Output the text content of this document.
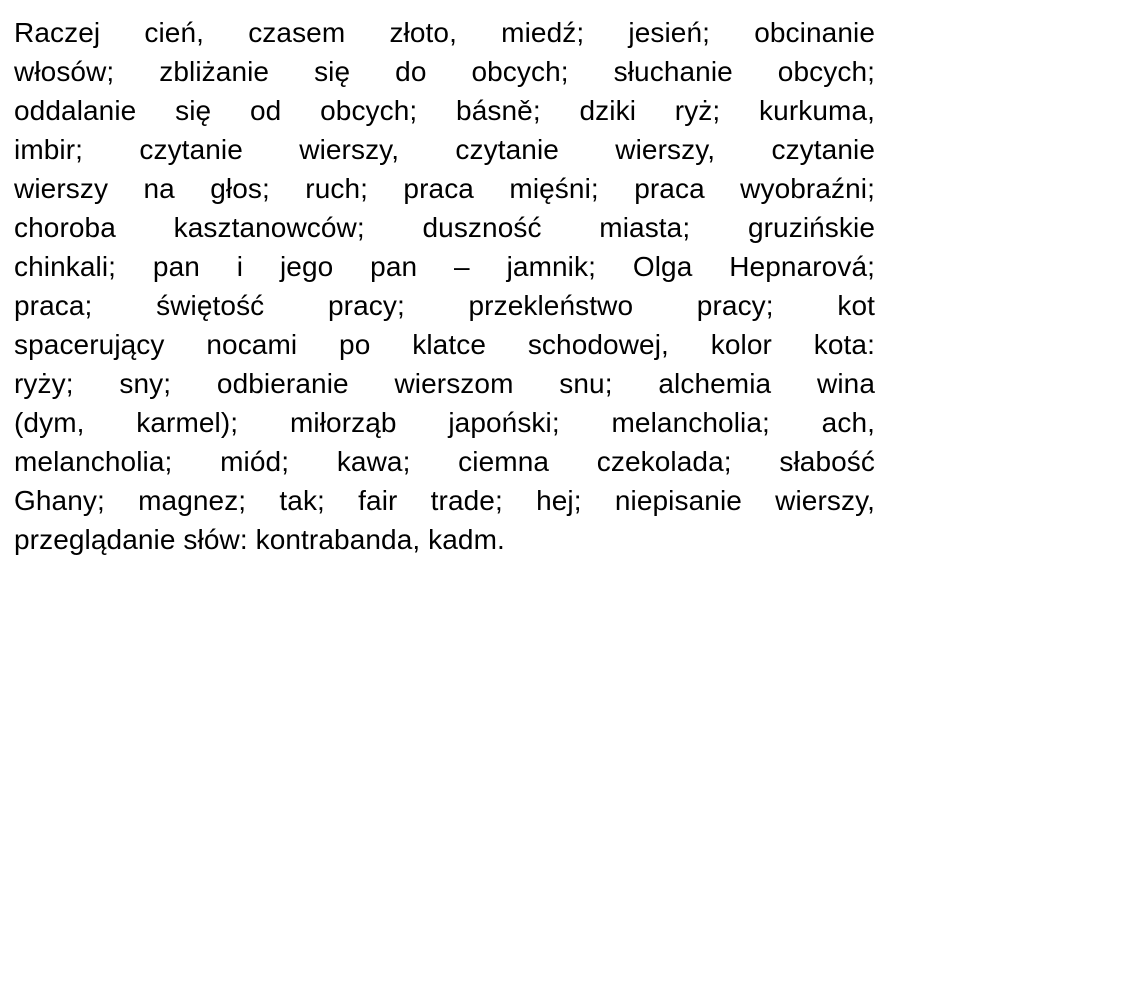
Raczej cień, czasem złoto, miedź; jesień; obcinanie
włosów; zbliżanie się do obcych; słuchanie obcych;
oddalanie się od obcych; básně; dziki ryż; kurkuma,
imbir; czytanie wierszy, czytanie wierszy, czytanie
wierszy na głos; ruch; praca mięśni; praca wyobraźni;
choroba kasztanowców; duszność miasta; gruzińskie
chinkali; pan i jego pan – jamnik; Olga Hepnarová;
praca; świętość pracy; przekleństwo pracy; kot
spacerujący nocami po klatce schodowej, kolor kota:
ryży; sny; odbieranie wierszom snu; alchemia wina
(dym, karmel); miłorząb japoński; melancholia; ach,
melancholia; miód; kawa; ciemna czekolada; słabość
Ghany; magnez; tak; fair trade; hej; niepisanie wierszy,
przeglądanie słów: kontrabanda, kadm.
